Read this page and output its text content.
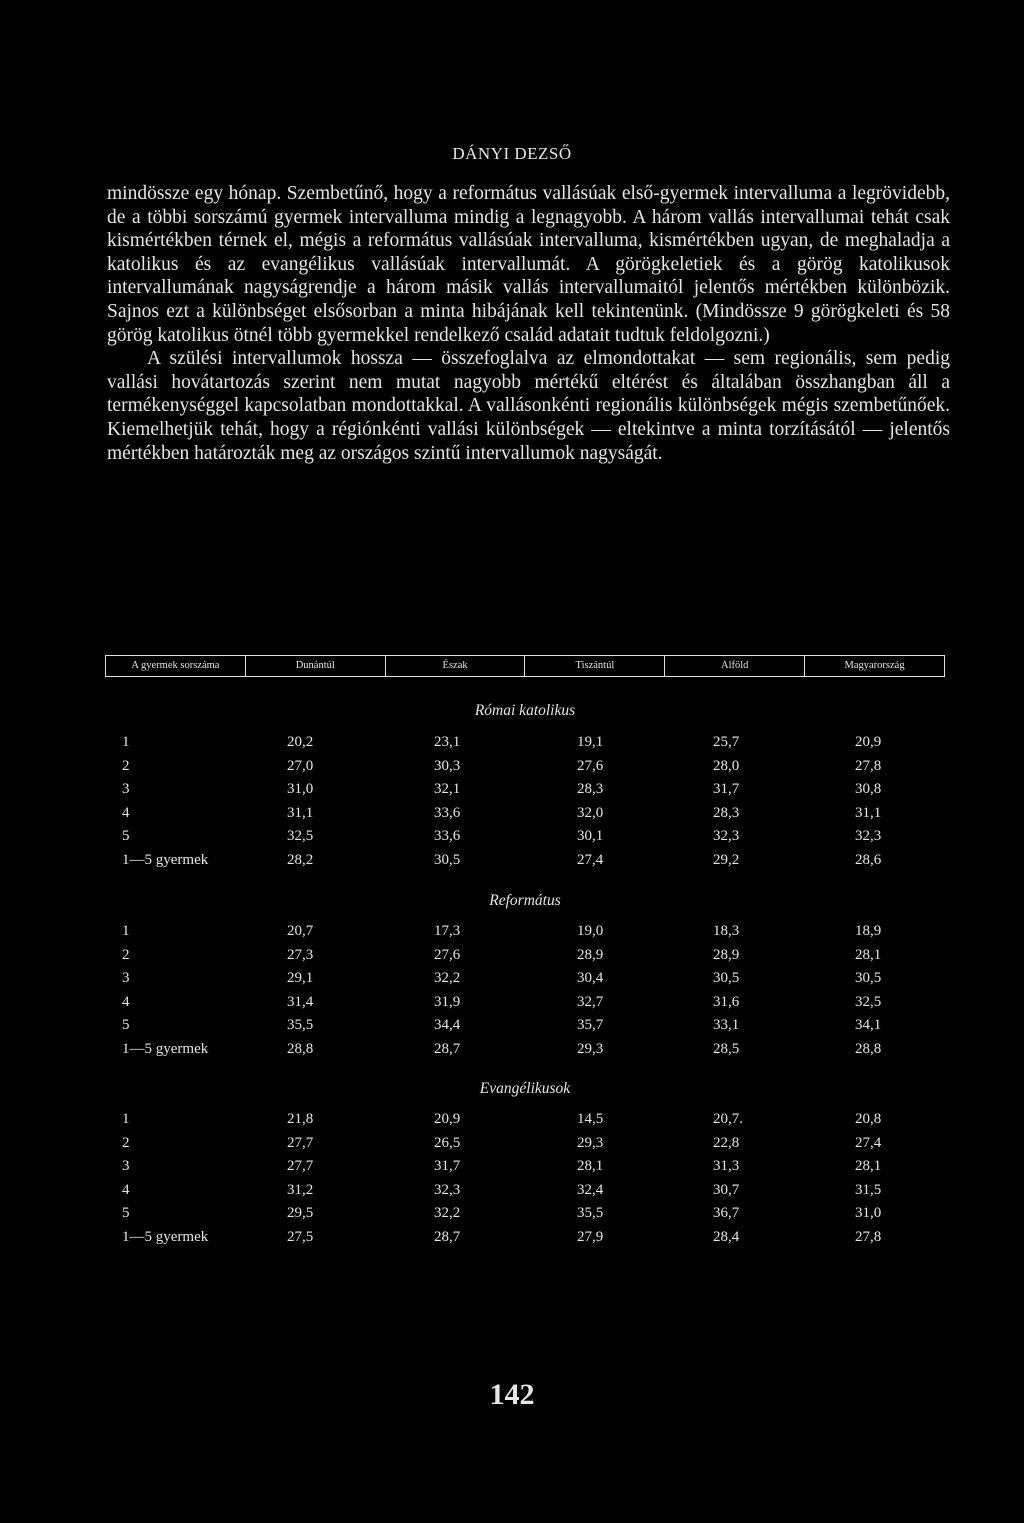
DÁNYI DEZSŐ

mindössze egy hónap. Szembetűnő, hogy a református vallásúak első-gyermek intervalluma a legrövidebb, de a többi sorszámú gyermek intervalluma mindig a legnagyobb. A három vallás intervallumai tehát csak kismértékben térnek el, mégis a református vallásúak intervalluma, kismértékben ugyan, de meghaladja a katolikus és az evangélikus vallásúak intervallumát. A görögkeletiek és a görög katolikusok intervallumának nagyságrendje a három másik vallás intervallumaitól jelentős mértékben különbözik. Sajnos ezt a különbséget elsősorban a minta hibájának kell tekintenünk. (Mindössze 9 görögkeleti és 58 görög katolikus ötnél több gyermekkel rendelkező család adatait tudtuk feldolgozni.)

A szülési intervallumok hossza — összefoglalva az elmondottakat — sem regionális, sem pedig vallási hovátartozás szerint nem mutat nagyobb mértékű eltérést és általában összhangban áll a termékenységgel kapcsolatban mondottakkal. A vallásonkénti regionális különbségek mégis szembetűnőek. Kiemelhetjük tehát, hogy a régiónkénti vallási különbségek — eltekintve a minta torzításától — jelentős mértékben határozták meg az országos szintű intervallumok nagyságát.

A gyermek sorszáma	Dunántúl	Észak	Tiszántúl	Alföld	Magyarország
Római katolikus
1	20,2	23,1	19,1	25,7	20,9
2	27,0	30,3	27,6	28,0	27,8
3	31,0	32,1	28,3	31,7	30,8
4	31,1	33,6	32,0	28,3	31,1
5	32,5	33,6	30,1	32,3	32,3
1—5 gyermek	28,2	30,5	27,4	29,2	28,6
Református
1	20,7	17,3	19,0	18,3	18,9
2	27,3	27,6	28,9	28,9	28,1
3	29,1	32,2	30,4	30,5	30,5
4	31,4	31,9	32,7	31,6	32,5
5	35,5	34,4	35,7	33,1	34,1
1—5 gyermek	28,8	28,7	29,3	28,5	28,8
Evangélikusok
1	21,8	20,9	14,5	20,7.	20,8
2	27,7	26,5	29,3	22,8	27,4
3	27,7	31,7	28,1	31,3	28,1
4	31,2	32,3	32,4	30,7	31,5
5	29,5	32,2	35,5	36,7	31,0
1—5 gyermek	27,5	28,7	27,9	28,4	27,8
142
